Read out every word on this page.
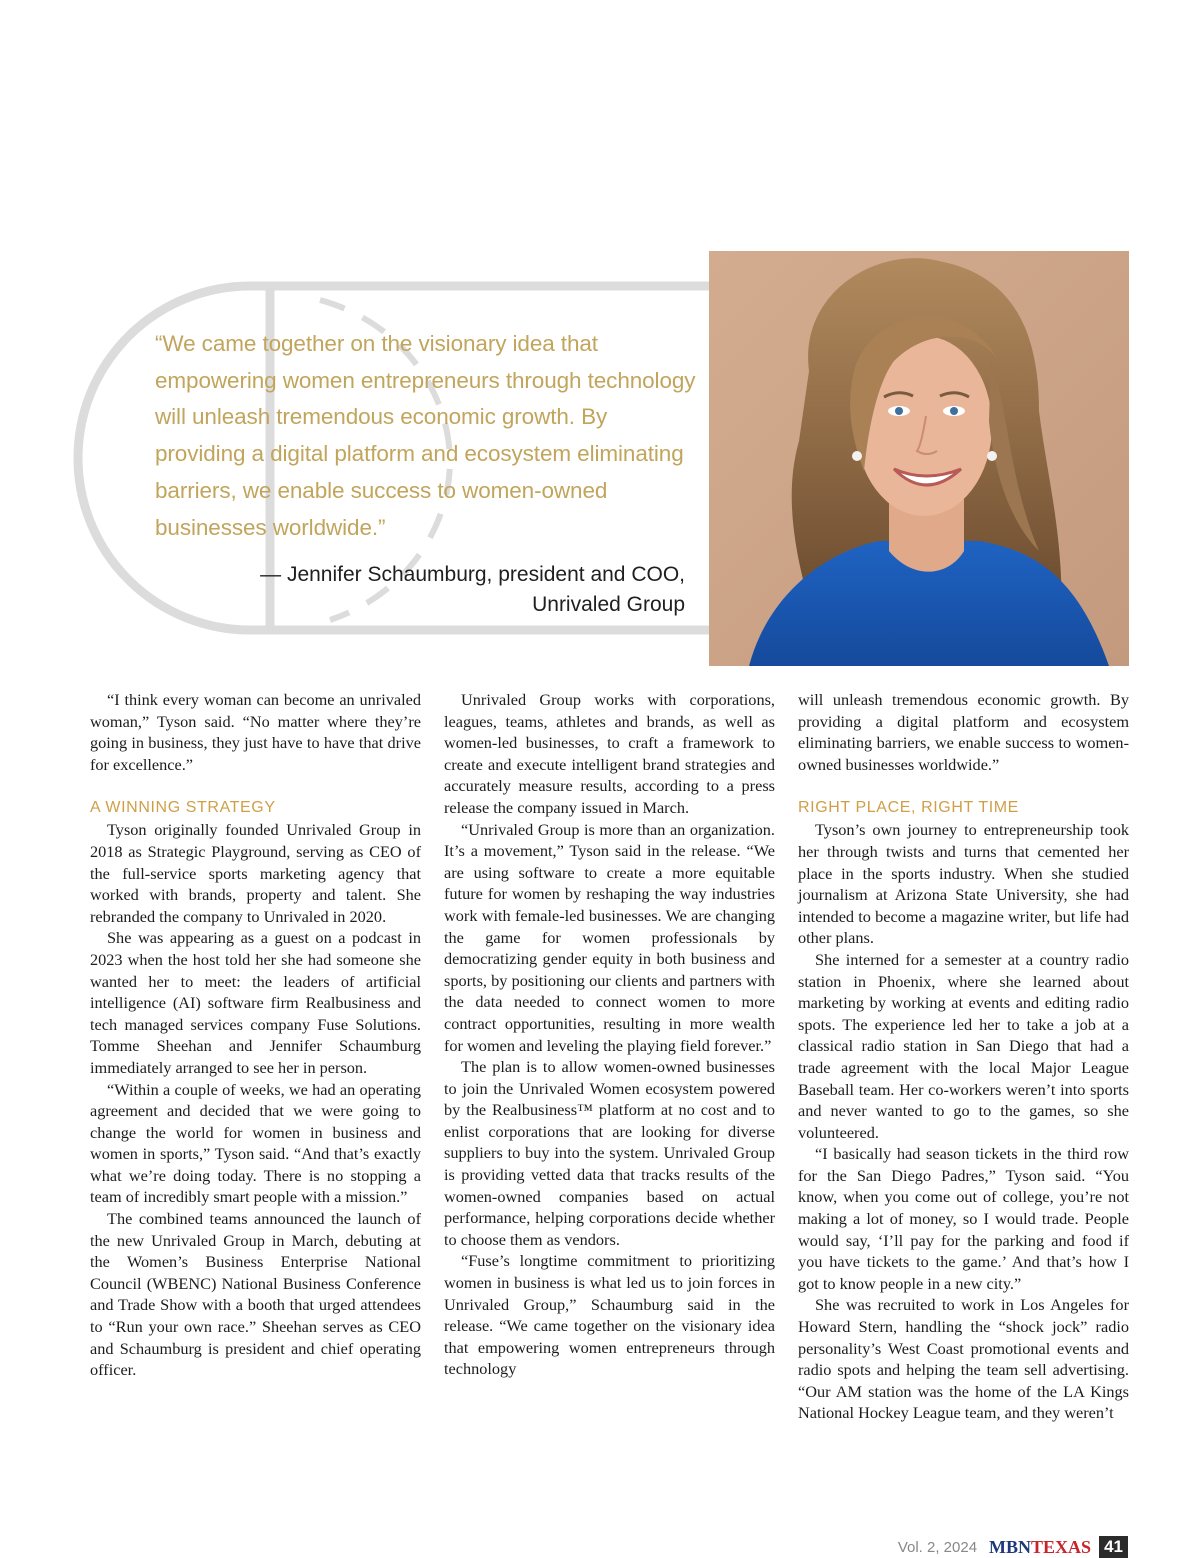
“We came together on the visionary idea that empowering women entrepreneurs through technology will unleash tremendous economic growth. By providing a digital platform and ecosystem eliminating barriers, we enable success to women-owned businesses worldwide.”

— Jennifer Schaumburg, president and COO,
Unrivaled Group

“I think every woman can become an unrivaled woman,” Tyson said. “No matter where they’re going in business, they just have to have that drive for excellence.”

A WINNING STRATEGY

Tyson originally founded Unrivaled Group in 2018 as Strategic Playground, serving as CEO of the full-service sports marketing agency that worked with brands, property and talent. She rebranded the company to Unrivaled in 2020.

She was appearing as a guest on a podcast in 2023 when the host told her she had someone she wanted her to meet: the leaders of artificial intelligence (AI) software firm Realbusiness and tech managed services company Fuse Solutions. Tomme Sheehan and Jennifer Schaumburg immediately arranged to see her in person.

“Within a couple of weeks, we had an operating agreement and decided that we were going to change the world for women in business and women in sports,” Tyson said. “And that’s exactly what we’re doing today. There is no stopping a team of incredibly smart people with a mission.”

The combined teams announced the launch of the new Unrivaled Group in March, debuting at the Women’s Business Enterprise National Council (WBENC) National Business Conference and Trade Show with a booth that urged attendees to “Run your own race.” Sheehan serves as CEO and Schaumburg is president and chief operating officer.

Unrivaled Group works with corporations, leagues, teams, athletes and brands, as well as women-led businesses, to craft a framework to create and execute intelligent brand strategies and accurately measure results, according to a press release the company issued in March.

“Unrivaled Group is more than an organization. It’s a movement,” Tyson said in the release. “We are using software to create a more equitable future for women by reshaping the way industries work with female-led businesses. We are changing the game for women professionals by democratizing gender equity in both business and sports, by positioning our clients and partners with the data needed to connect women to more contract opportunities, resulting in more wealth for women and leveling the playing field forever.”

The plan is to allow women-owned businesses to join the Unrivaled Women ecosystem powered by the Realbusiness™ platform at no cost and to enlist corporations that are looking for diverse suppliers to buy into the system. Unrivaled Group is providing vetted data that tracks results of the women-owned companies based on actual performance, helping corporations decide whether to choose them as vendors.

“Fuse’s longtime commitment to prioritizing women in business is what led us to join forces in Unrivaled Group,” Schaumburg said in the release. “We came together on the visionary idea that empowering women entrepreneurs through technology

will unleash tremendous economic growth. By providing a digital platform and ecosystem eliminating barriers, we enable success to women-owned businesses worldwide.”

RIGHT PLACE, RIGHT TIME

Tyson’s own journey to entrepreneurship took her through twists and turns that cemented her place in the sports industry. When she studied journalism at Arizona State University, she had intended to become a magazine writer, but life had other plans.

She interned for a semester at a country radio station in Phoenix, where she learned about marketing by working at events and editing radio spots. The experience led her to take a job at a classical radio station in San Diego that had a trade agreement with the local Major League Baseball team. Her co-workers weren’t into sports and never wanted to go to the games, so she volunteered.

“I basically had season tickets in the third row for the San Diego Padres,” Tyson said. “You know, when you come out of college, you’re not making a lot of money, so I would trade. People would say, ‘I’ll pay for the parking and food if you have tickets to the game.’ And that’s how I got to know people in a new city.”

She was recruited to work in Los Angeles for Howard Stern, handling the “shock jock” radio personality’s West Coast promotional events and radio spots and helping the team sell advertising. “Our AM station was the home of the LA Kings National Hockey League team, and they weren’t

Vol. 2, 2024 MBN TEXAS 41
